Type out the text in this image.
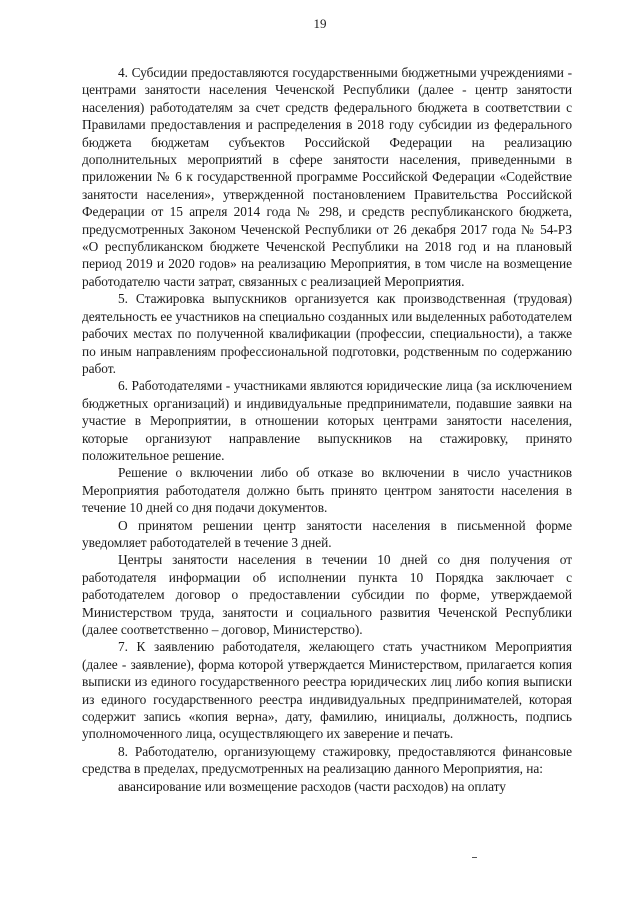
19

4. Субсидии предоставляются государственными бюджетными учреждениями - центрами занятости населения Чеченской Республики (далее - центр занятости населения) работодателям за счет средств федерального бюджета в соответствии с Правилами предоставления и распределения в 2018 году субсидии из федерального бюджета бюджетам субъектов Российской Федерации на реализацию дополнительных мероприятий в сфере занятости населения, приведенными в приложении № 6 к государственной программе Российской Федерации «Содействие занятости населения», утвержденной постановлением Правительства Российской Федерации от 15 апреля 2014 года № 298, и средств республиканского бюджета, предусмотренных Законом Чеченской Республики от 26 декабря 2017 года № 54-РЗ «О республиканском бюджете Чеченской Республики на 2018 год и на плановый период 2019 и 2020 годов» на реализацию Мероприятия, в том числе на возмещение работодателю части затрат, связанных с реализацией Мероприятия.

5. Стажировка выпускников организуется как производственная (трудовая) деятельность ее участников на специально созданных или выделенных работодателем рабочих местах по полученной квалификации (профессии, специальности), а также по иным направлениям профессиональной подготовки, родственным по содержанию работ.

6. Работодателями - участниками являются юридические лица (за исключением бюджетных организаций) и индивидуальные предприниматели, подавшие заявки на участие в Мероприятии, в отношении которых центрами занятости населения, которые организуют направление выпускников на стажировку, принято положительное решение.

Решение о включении либо об отказе во включении в число участников Мероприятия работодателя должно быть принято центром занятости населения в течение 10 дней со дня подачи документов.

О принятом решении центр занятости населения в письменной форме уведомляет работодателей в течение 3 дней.

Центры занятости населения в течении 10 дней со дня получения от работодателя информации об исполнении пункта 10 Порядка заключает с работодателем договор о предоставлении субсидии по форме, утверждаемой Министерством труда, занятости и социального развития Чеченской Республики (далее соответственно – договор, Министерство).

7. К заявлению работодателя, желающего стать участником Мероприятия (далее - заявление), форма которой утверждается Министерством, прилагается копия выписки из единого государственного реестра юридических лиц либо копия выписки из единого государственного реестра индивидуальных предпринимателей, которая содержит запись «копия верна», дату, фамилию, инициалы, должность, подпись уполномоченного лица, осуществляющего их заверение и печать.

8. Работодателю, организующему стажировку, предоставляются финансовые средства в пределах, предусмотренных на реализацию данного Мероприятия, на:

авансирование или возмещение расходов (части расходов) на оплату
